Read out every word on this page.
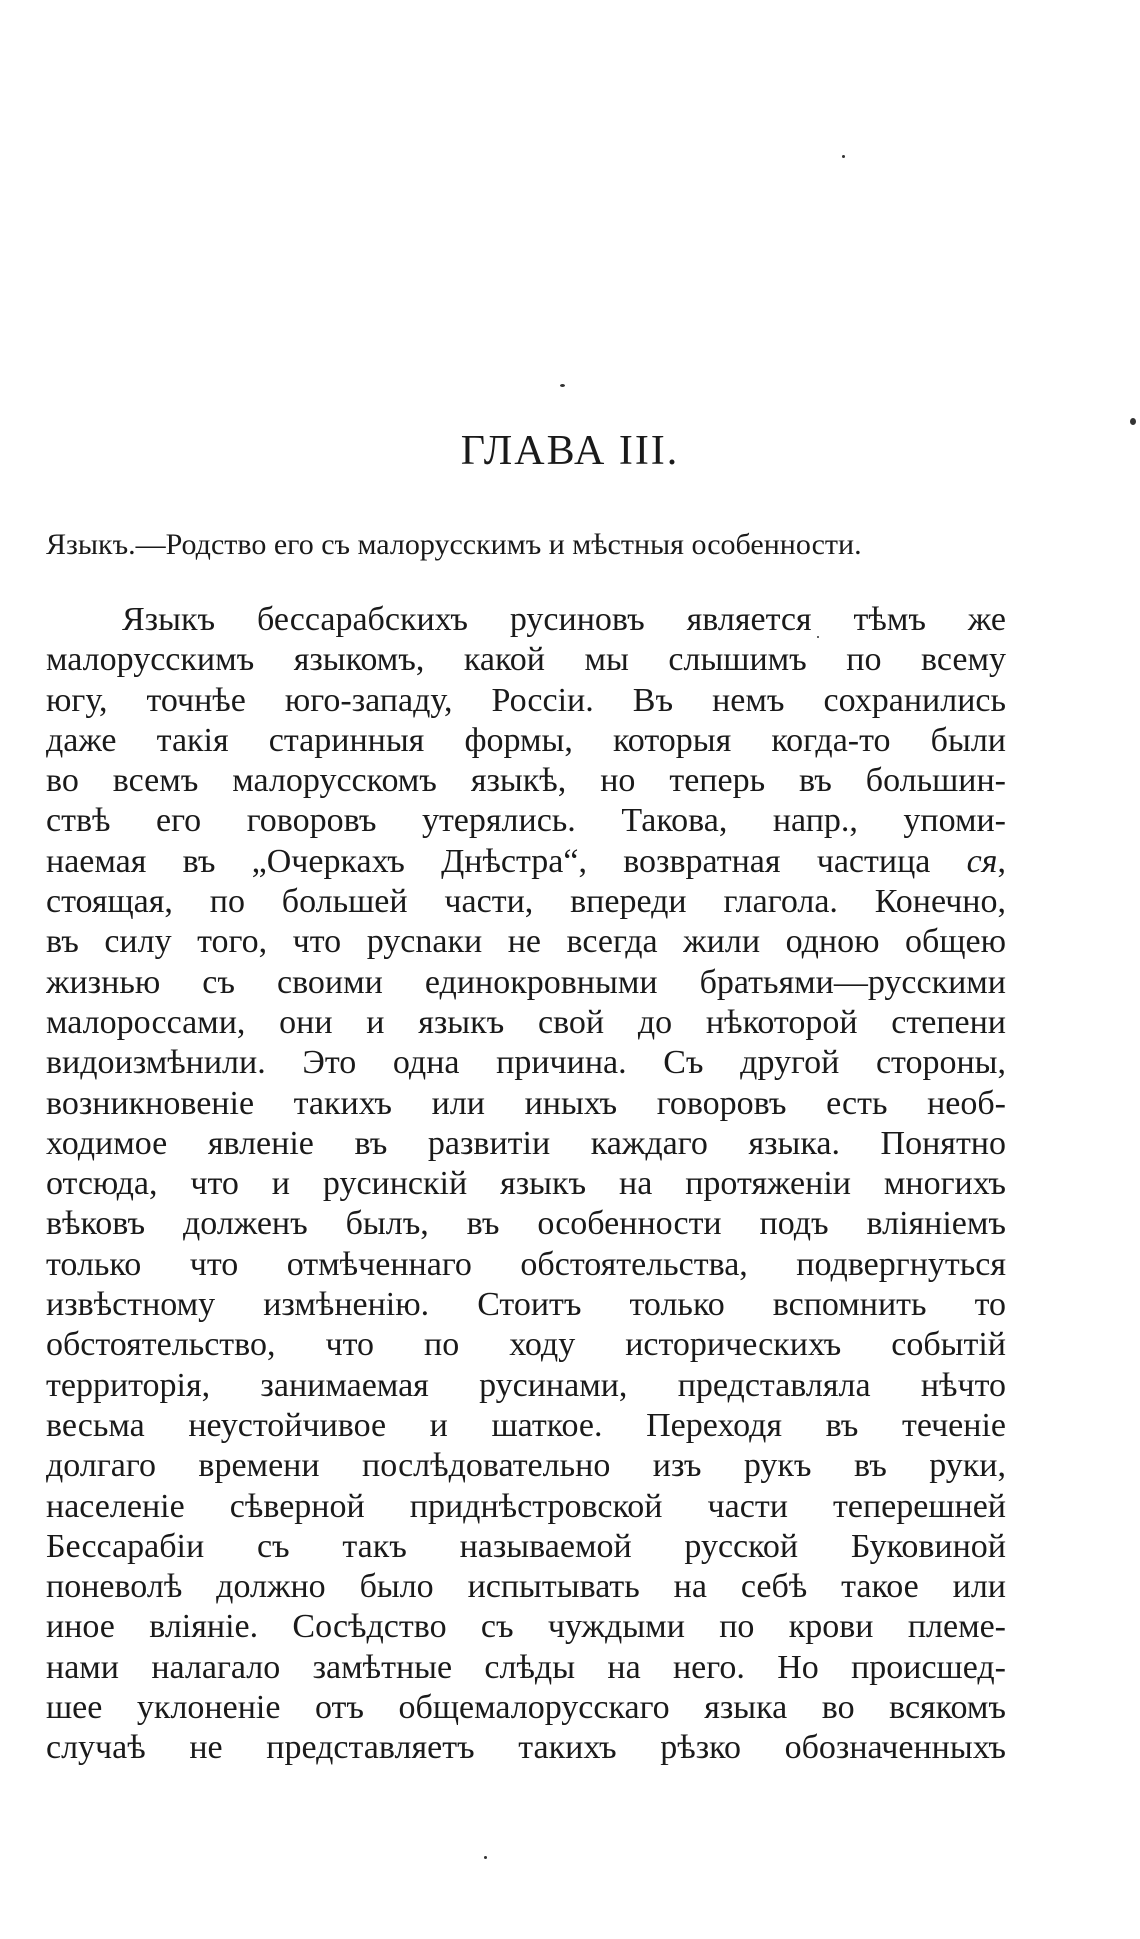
ГЛАВА III.
Языкъ.—Родство его съ малорусскимъ и мѣстныя особенности.
Языкъ бессарабскихъ русиновъ является тѣмъ же
малорусскимъ языкомъ, какой мы слышимъ по всему
югу, точнѣе юго-западу, Россіи. Въ немъ сохранились
даже такія старинныя формы, которыя когда-то были
во всемъ малорусскомъ языкѣ, но теперь въ большин-
ствѣ его говоровъ утерялись. Такова, напр., упоми-
наемая въ „Очеркахъ Днѣстра“, возвратная частица ся,
стоящая, по большей части, впереди глагола. Конечно,
въ силу того, что русnаки не всегда жили одною общею
жизнью съ своими единокровными братьями—русскими
малороссами, они и языкъ свой до нѣкоторой степени
видоизмѣнили. Это одна причина. Съ другой стороны,
возникновеніе такихъ или иныхъ говоровъ есть необ-
ходимое явленіе въ развитіи каждаго языка. Понятно
отсюда, что и русинскій языкъ на протяженіи многихъ
вѣковъ долженъ былъ, въ особенности подъ вліяніемъ
только что отмѣченнаго обстоятельства, подвергнуться
извѣстному измѣненію. Стоитъ только вспомнить то
обстоятельство, что по ходу историческихъ событій
территорія, занимаемая русинами, представляла нѣчто
весьма неустойчивое и шаткое. Переходя въ теченіе
долгаго времени послѣдовательно изъ рукъ въ руки,
населеніе сѣверной приднѣстровской части теперешней
Бессарабіи съ такъ называемой русской Буковиной
поневолѣ должно было испытывать на себѣ такое или
иное вліяніе. Сосѣдство съ чуждыми по крови племе-
нами налагало замѣтные слѣды на него. Но происшед-
шее уклоненіе отъ общемалорусскаго языка во всякомъ
случаѣ не представляетъ такихъ рѣзко обозначенныхъ
